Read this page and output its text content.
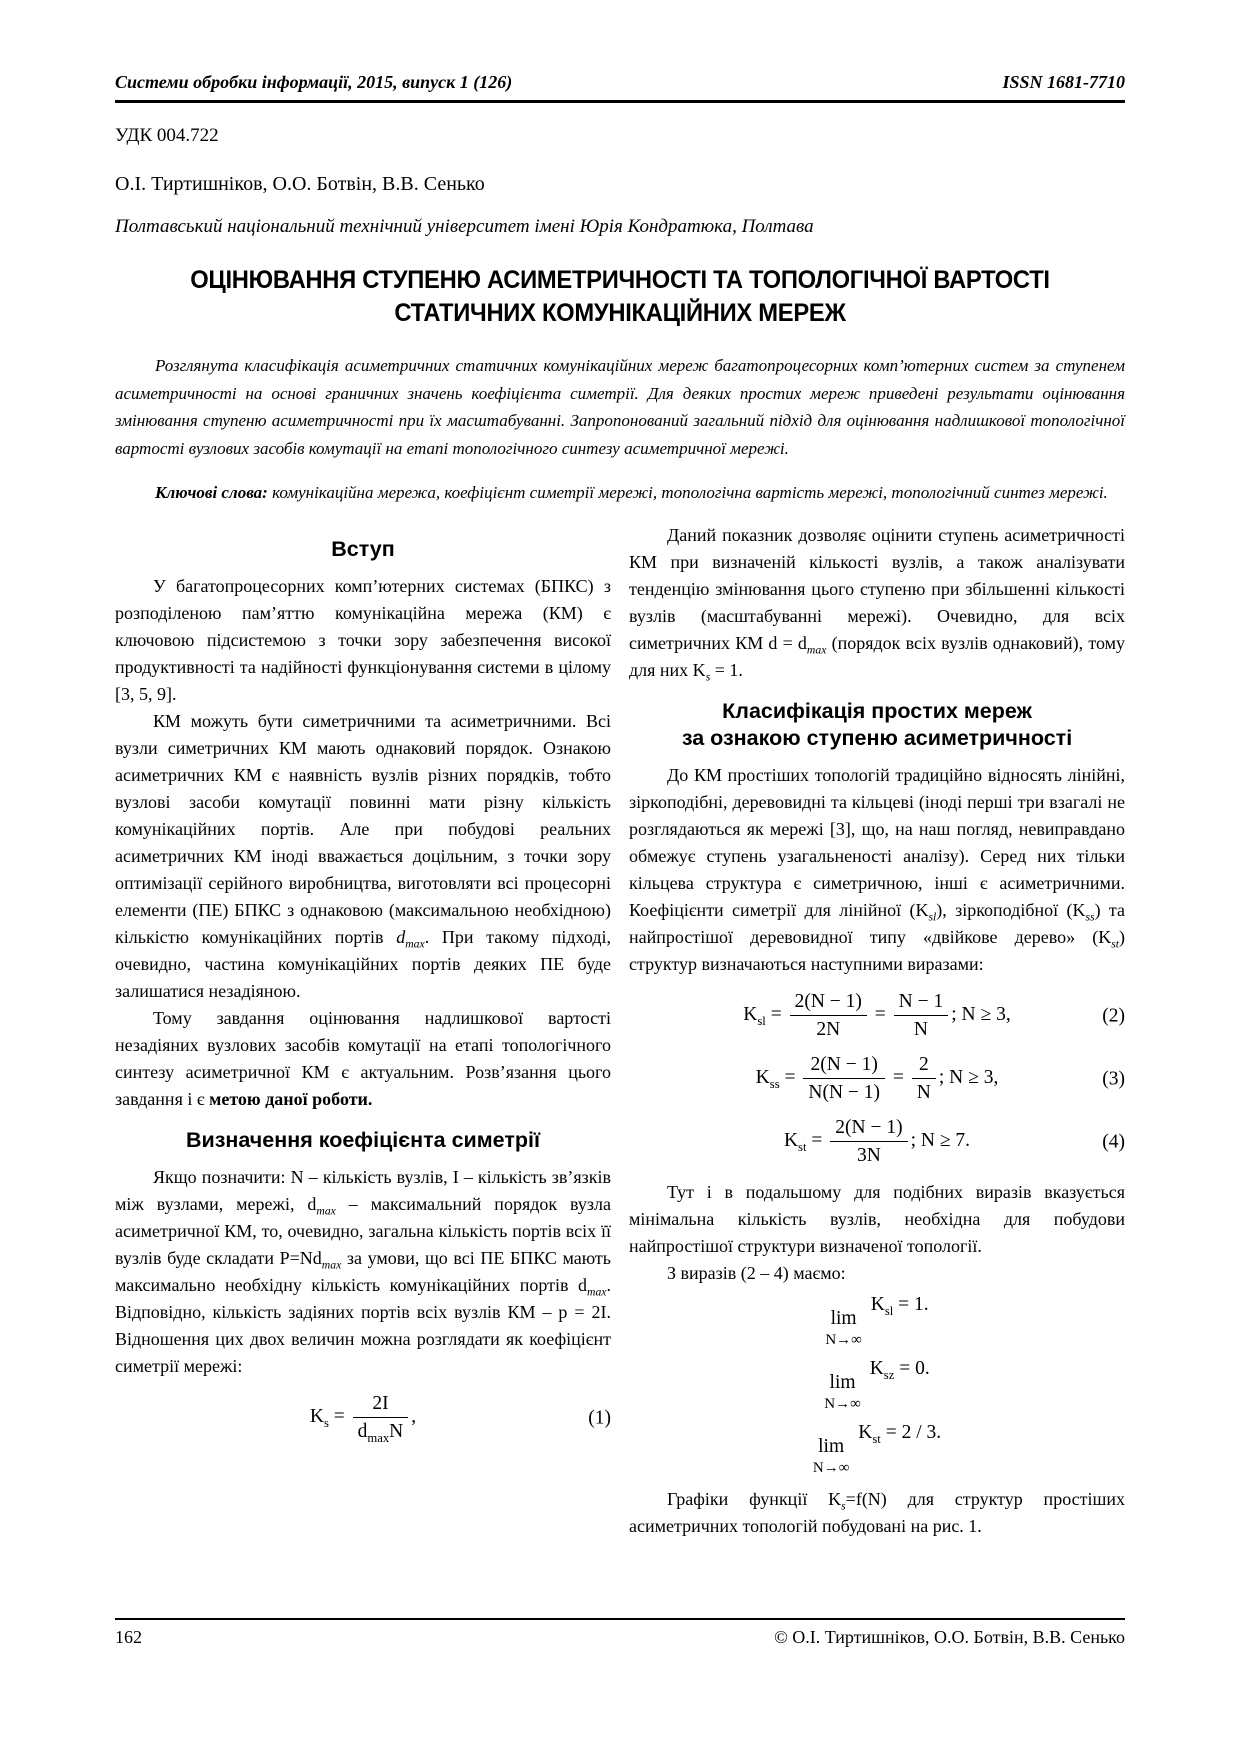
Системи обробки інформації, 2015, випуск 1 (126)	ISSN 1681-7710
УДК 004.722
О.І. Тиртишніков, О.О. Ботвін, В.В. Сенько
Полтавський національний технічний університет імені Юрія Кондратюка, Полтава
ОЦІНЮВАННЯ СТУПЕНЮ АСИМЕТРИЧНОСТІ ТА ТОПОЛОГІЧНОЇ ВАРТОСТІ
СТАТИЧНИХ КОМУНІКАЦІЙНИХ МЕРЕЖ
Розглянута класифікація асиметричних статичних комунікаційних мереж багатопроцесорних комп’ютерних систем за ступенем асиметричності на основі граничних значень коефіцієнта симетрії. Для деяких простих мереж приведені результати оцінювання змінювання ступеню асиметричності при їх масштабуванні. Запропонований загальний підхід для оцінювання надлишкової топологічної вартості вузлових засобів комутації на етапі топологічного синтезу асиметричної мережі.
Ключові слова: комунікаційна мережа, коефіцієнт симетрії мережі, топологічна вартість мережі, топологічний синтез мережі.
Вступ

У багатопроцесорних комп’ютерних системах (БПКС) з розподіленою пам’яттю комунікаційна мережа (КМ) є ключовою підсистемою з точки зору забезпечення високої продуктивності та надійності функціонування системи в цілому [3, 5, 9].

КМ можуть бути симетричними та асиметричними. Всі вузли симетричних КМ мають однаковий порядок. Ознакою асиметричних КМ є наявність вузлів різних порядків, тобто вузлові засоби комутації повинні мати різну кількість комунікаційних портів. Але при побудові реальних асиметричних КМ іноді вважається доцільним, з точки зору оптимізації серійного виробництва, виготовляти всі процесорні елементи (ПЕ) БПКС з однаковою (максимальною необхідною) кількістю комунікаційних портів $d_{max}$. При такому підході, очевидно, частина комунікаційних портів деяких ПЕ буде залишатися незадіяною.

Тому завдання оцінювання надлишкової вартості незадіяних вузлових засобів комутації на етапі топологічного синтезу асиметричної КМ є актуальним. Розв’язання цього завдання і є метою даної роботи.

Визначення коефіцієнта симетрії

Якщо позначити: N – кількість вузлів, I – кількість зв’язків між вузлами, мережі, $d_{max}$ – максимальний порядок вузла асиметричної КМ, то, очевидно, загальна кількість портів всіх її вузлів буде складати $P=Nd_{max}$ за умови, що всі ПЕ БПКС мають максимально необхідну кількість комунікаційних портів $d_{max}$. Відповідно, кількість задіяних портів всіх вузлів КМ – p = 2I. Відношення цих двох величин можна розглядати як коефіцієнт симетрії мережі:

$K_s = \frac{2I}{d_{max}N}$ ,	(1)

Даний показник дозволяє оцінити ступень асиметричності КМ при визначеній кількості вузлів, а також аналізувати тенденцію змінювання цього ступеню при збільшенні кількості вузлів (масштабуванні мережі). Очевидно, для всіх симетричних КМ $d = d_{max}$ (порядок всіх вузлів однаковий), тому для них $K_s = 1$.

Класифікація простих мереж
за ознакою ступеню асиметричності

До КМ простіших топологій традиційно відносять лінійні, зіркоподібні, деревовидні та кільцеві (іноді перші три взагалі не розглядаються як мережі [3], що, на наш погляд, невиправдано обмежує ступень узагальненості аналізу). Серед них тільки кільцева структура є симетричною, інші є асиметричними. Коефіцієнти симетрії для лінійної $(K_{sl})$, зіркоподібної $(K_{ss})$ та найпростішої деревовидної типу «двійкове дерево» $(K_{st})$ структур визначаються наступними виразами:

$K_{sl} = \frac{2(N - 1)}{2N} = \frac{N - 1}{N}$ ; N ≥ 3,	(2)
$K_{ss} = \frac{2(N - 1)}{N(N - 1)} = \frac{2}{N}$ ; N ≥ 3,	(3)
$K_{st} = \frac{2(N - 1)}{3N}$ ; N ≥ 7.	(4)

Тут і в подальшому для подібних виразів вказується мінімальна кількість вузлів, необхідна для побудови найпростішої структури визначеної топології.

З виразів (2 – 4) маємо:

lim
N→∞
$K_{sl} = 1$.
lim
N→∞
$K_{sz} = 0$.
lim
N→∞
$K_{st} = 2 / 3$.

Графіки функції $K_s=f(N)$ для структур простіших асиметричних топологій побудовані на рис. 1.

162	© О.І. Тиртишніков, О.О. Ботвін, В.В. Сенько
